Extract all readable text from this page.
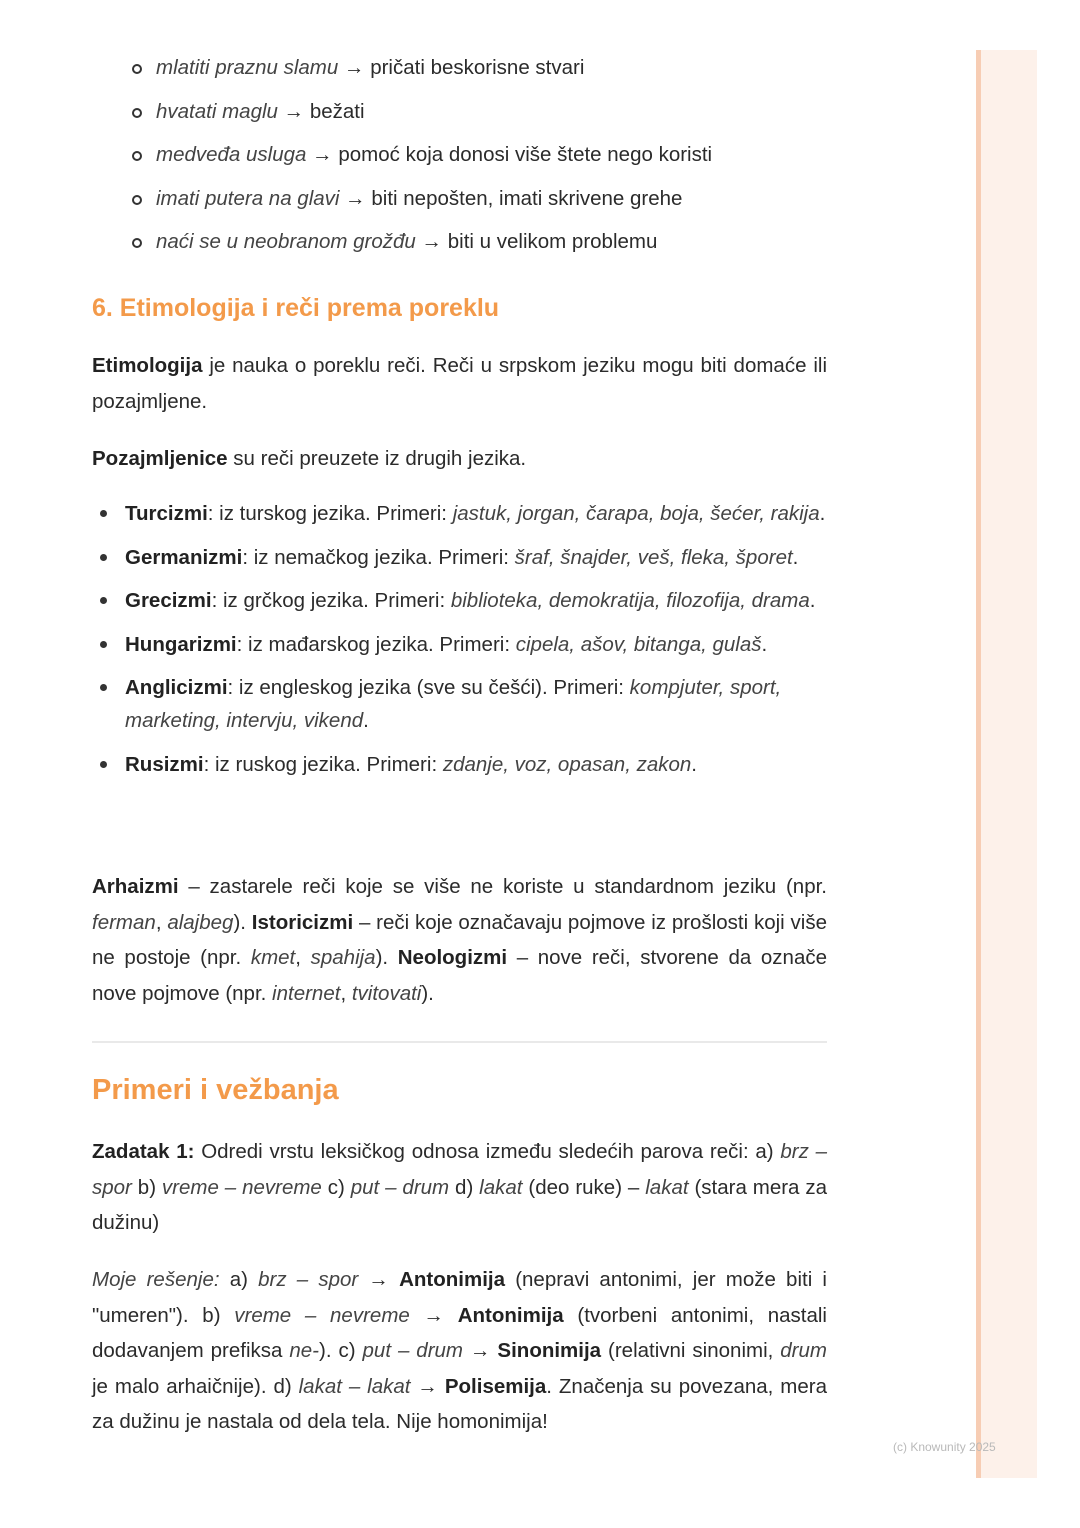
mlatiti praznu slamu → pričati beskorisne stvari
hvatati maglu → bežati
medveđa usluga → pomoć koja donosi više štete nego koristi
imati putera na glavi → biti nepošten, imati skrivene grehe
naći se u neobranom grožđu → biti u velikom problemu
6. Etimologija i reči prema poreklu

Etimologija je nauka o poreklu reči. Reči u srpskom jeziku mogu biti domaće ili pozajmljene.

Pozajmljenice su reči preuzete iz drugih jezika.

Turcizmi: iz turskog jezika. Primeri: jastuk, jorgan, čarapa, boja, šećer, rakija.
Germanizmi: iz nemačkog jezika. Primeri: šraf, šnajder, veš, fleka, šporet.
Grecizmi: iz grčkog jezika. Primeri: biblioteka, demokratija, filozofija, drama.
Hungarizmi: iz mađarskog jezika. Primeri: cipela, ašov, bitanga, gulaš.
Anglicizmi: iz engleskog jezika (sve su češći). Primeri: kompjuter, sport, marketing, intervju, vikend.
Rusizmi: iz ruskog jezika. Primeri: zdanje, voz, opasan, zakon.

Arhaizmi – zastarele reči koje se više ne koriste u standardnom jeziku (npr. ferman, alajbeg). Istoricizmi – reči koje označavaju pojmove iz prošlosti koji više ne postoje (npr. kmet, spahija). Neologizmi – nove reči, stvorene da označe nove pojmove (npr. internet, tvitovati).

Primeri i vežbanja

Zadatak 1: Odredi vrstu leksičkog odnosa između sledećih parova reči: a) brz – spor b) vreme – nevreme c) put – drum d) lakat (deo ruke) – lakat (stara mera za dužinu)

Moje rešenje: a) brz – spor → Antonimija (nepravi antonimi, jer može biti i "umeren"). b) vreme – nevreme → Antonimija (tvorbeni antonimi, nastali dodavanjem prefiksa ne-). c) put – drum → Sinonimija (relativni sinonimi, drum je malo arhaičnije). d) lakat – lakat → Polisemija. Značenja su povezana, mera za dužinu je nastala od dela tela. Nije homonimija!

(c) Knowunity 2025
